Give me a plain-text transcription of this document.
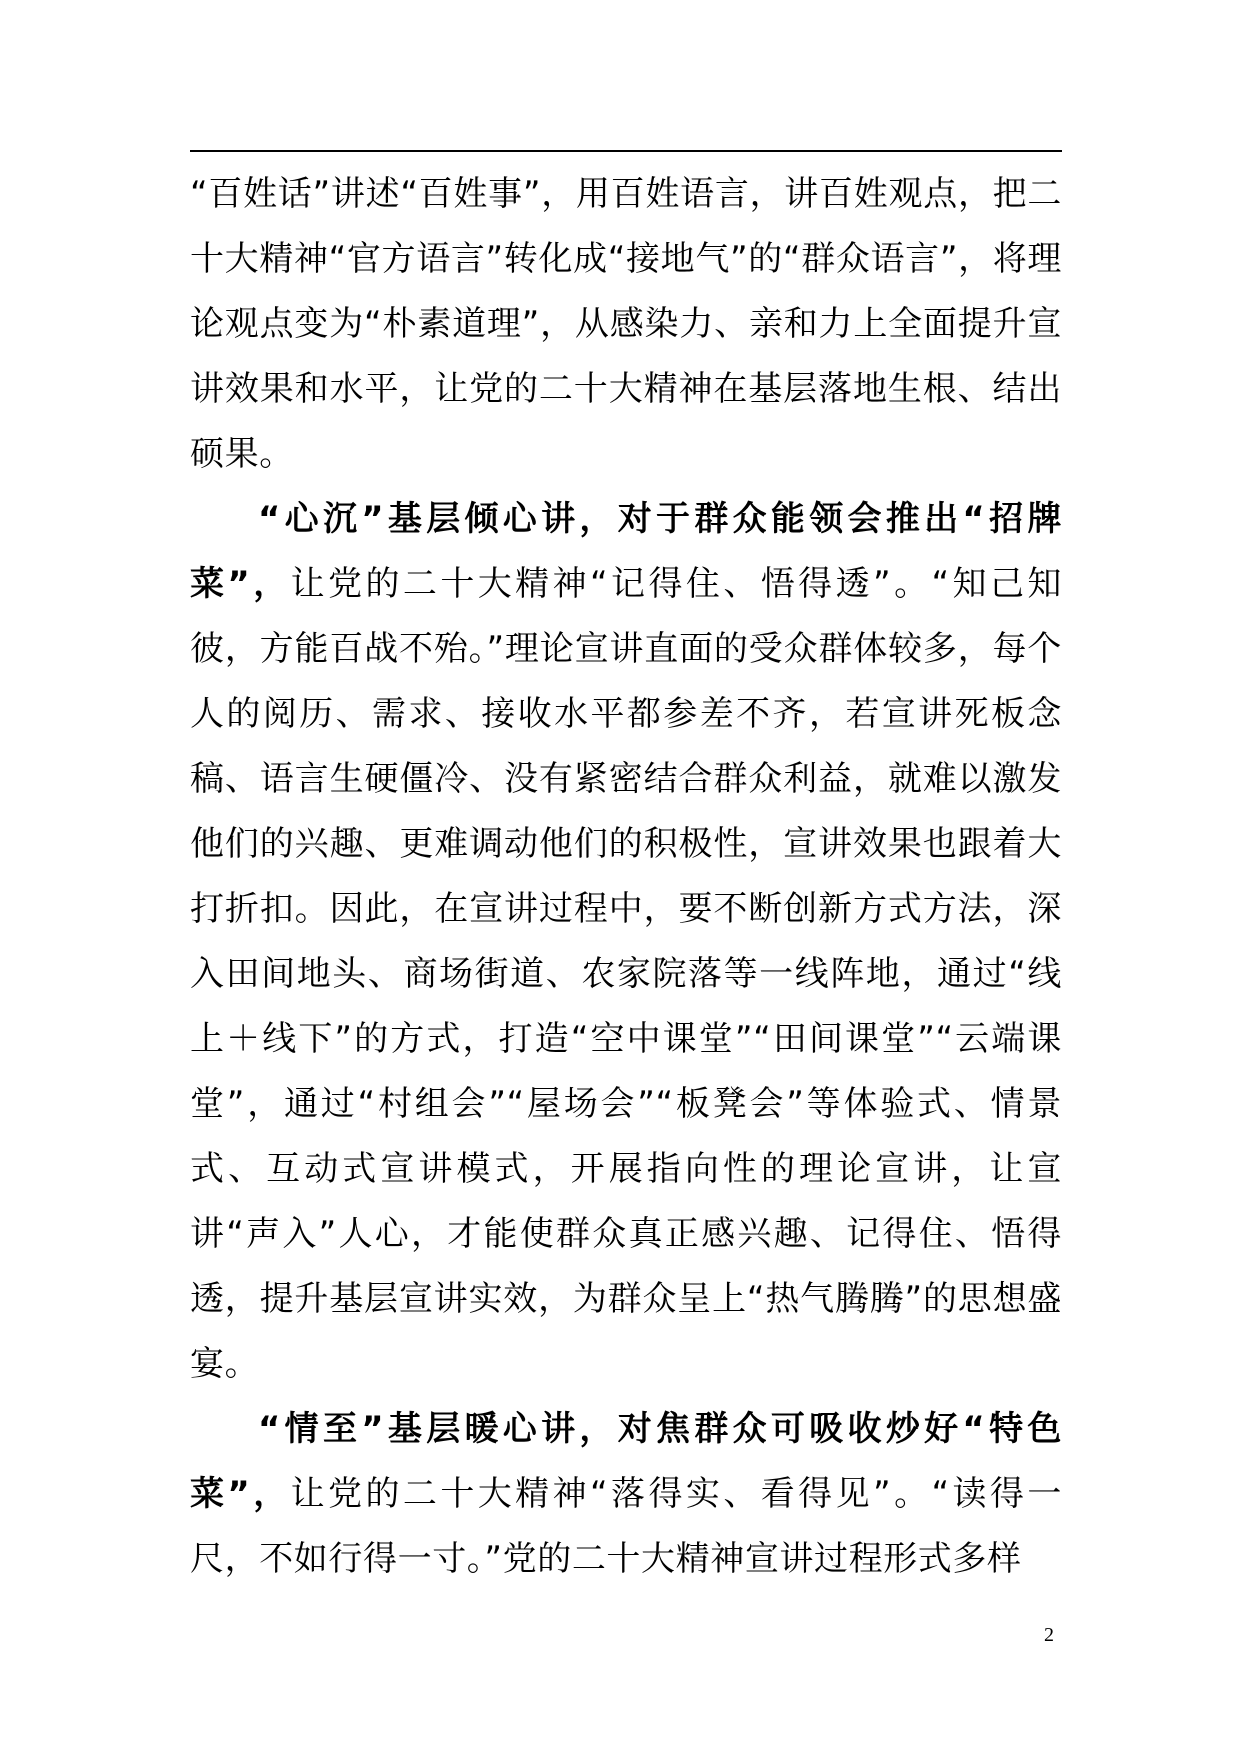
“百姓话”讲述“百姓事”，用百姓语言，讲百姓观点，把二十大精神“官方语言”转化成“接地气”的“群众语言”，将理论观点变为“朴素道理”，从感染力、亲和力上全面提升宣讲效果和水平，让党的二十大精神在基层落地生根、结出硕果。

“心沉”基层倾心讲，对于群众能领会推出“招牌菜”，让党的二十大精神“记得住、悟得透”。“知己知彼，方能百战不殆。”理论宣讲直面的受众群体较多，每个人的阅历、需求、接收水平都参差不齐，若宣讲死板念稿、语言生硬僵冷、没有紧密结合群众利益，就难以激发他们的兴趣、更难调动他们的积极性，宣讲效果也跟着大打折扣。因此，在宣讲过程中，要不断创新方式方法，深入田间地头、商场街道、农家院落等一线阵地，通过“线上＋线下”的方式，打造“空中课堂”“田间课堂”“云端课堂”，通过“村组会”“屋场会”“板凳会”等体验式、情景式、互动式宣讲模式，开展指向性的理论宣讲，让宣讲“声入”人心，才能使群众真正感兴趣、记得住、悟得透，提升基层宣讲实效，为群众呈上“热气腾腾”的思想盛宴。

“情至”基层暖心讲，对焦群众可吸收炒好“特色菜”，让党的二十大精神“落得实、看得见”。“读得一尺，不如行得一寸。”党的二十大精神宣讲过程形式多样

2
